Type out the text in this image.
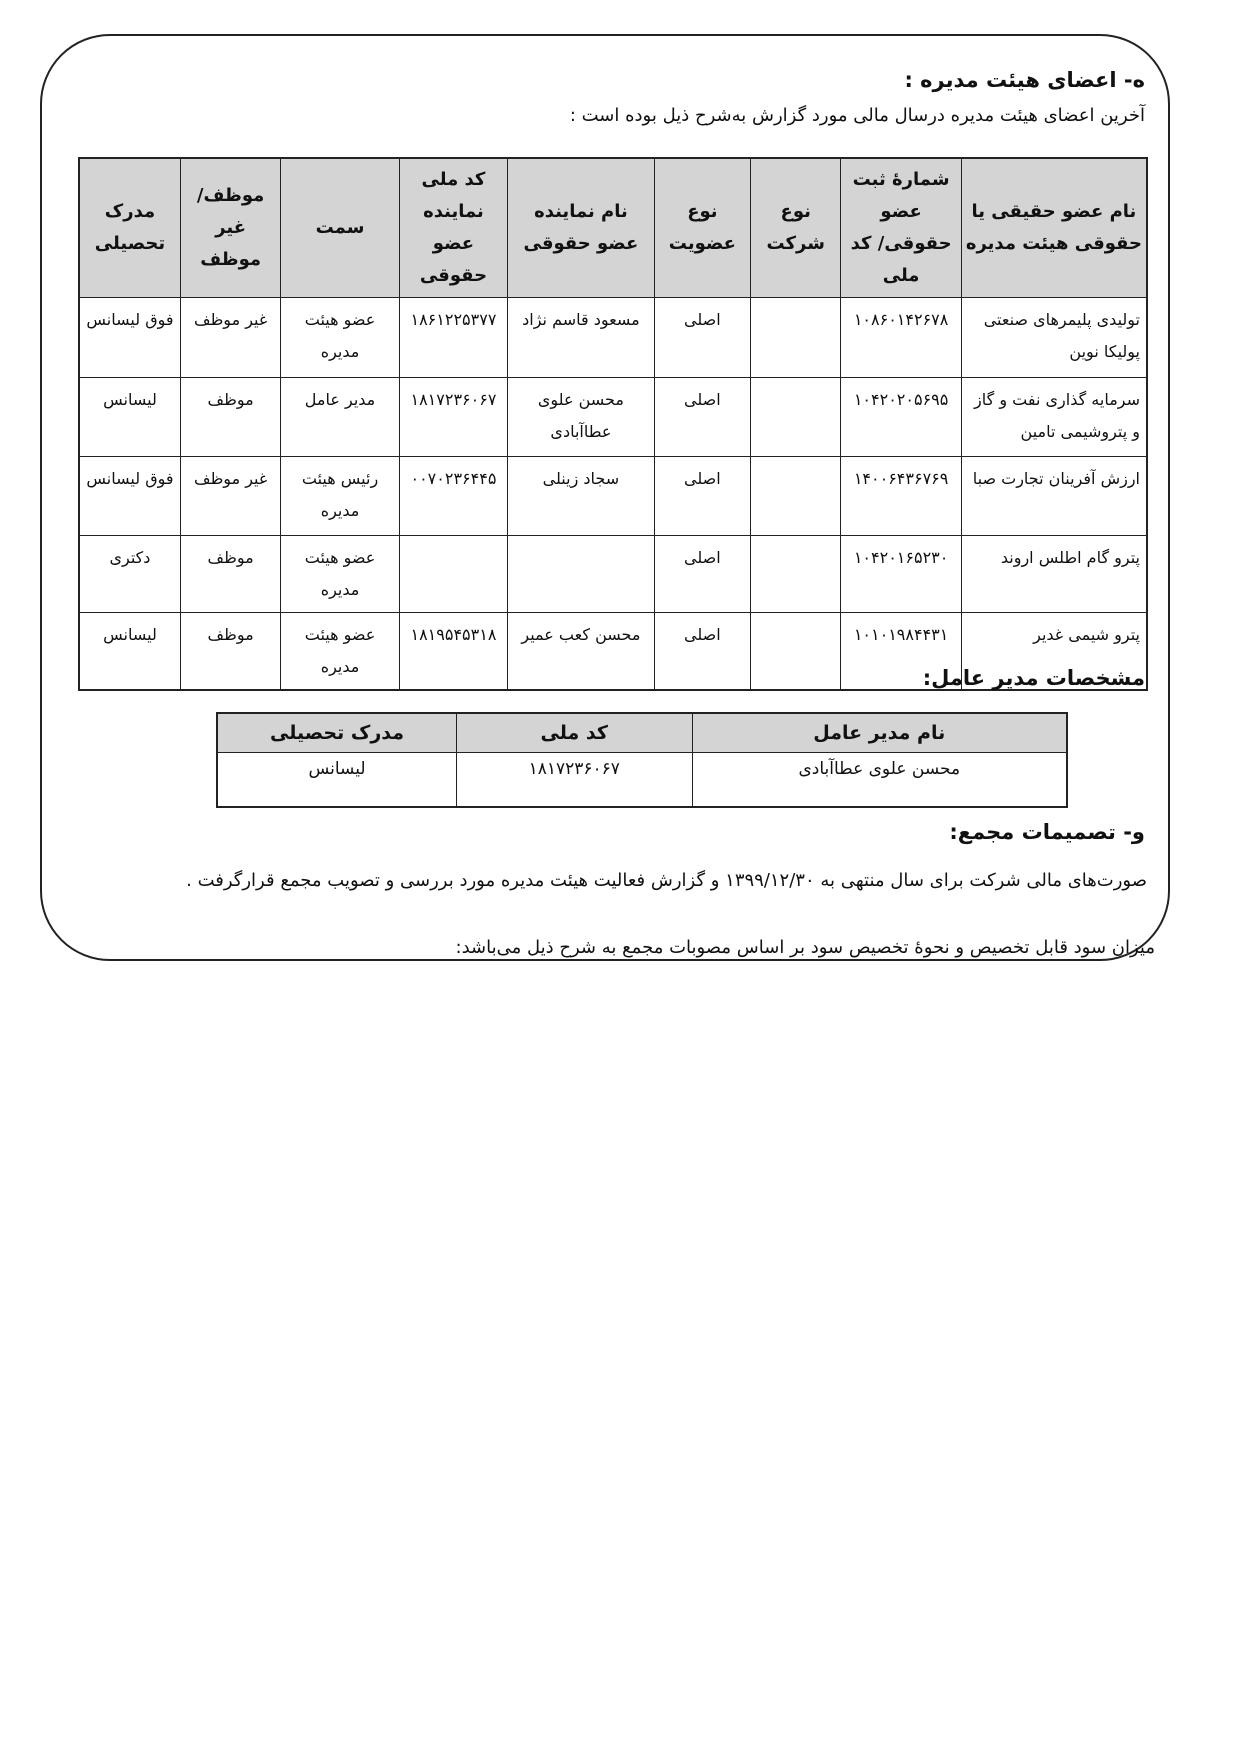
ه- اعضای هیئت مدیره :
آخرین اعضای هیئت مدیره درسال مالی مورد گزارش به‌شرح ذیل بوده است :
نام عضو حقیقی یا حقوقی هیئت مدیره	شمارهٔ ثبت عضو حقوقی/ کد ملی	نوع شرکت	نوع عضویت	نام نماینده عضو حقوقی	کد ملی نماینده عضو حقوقی	سمت	موظف/غیر موظف	مدرک تحصیلی
تولیدی پلیمرهای صنعتی پولیکا نوین	۱۰۸۶۰۱۴۲۶۷۸		اصلی	مسعود قاسم نژاد	۱۸۶۱۲۲۵۳۷۷	عضو هیئت مدیره	غیر موظف	فوق لیسانس
سرمایه گذاری نفت و گاز و پتروشیمی تامین	۱۰۴۲۰۲۰۵۶۹۵		اصلی	محسن علوی عطاآبادی	۱۸۱۷۲۳۶۰۶۷	مدیر عامل	موظف	لیسانس
ارزش آفرینان تجارت صبا	۱۴۰۰۶۴۳۶۷۶۹		اصلی	سجاد زینلی	۰۰۷۰۲۳۶۴۴۵	رئیس هیئت مدیره	غیر موظف	فوق لیسانس
پترو گام اطلس اروند	۱۰۴۲۰۱۶۵۲۳۰		اصلی			عضو هیئت مدیره	موظف	دکتری
پترو شیمی غدیر	۱۰۱۰۱۹۸۴۴۳۱		اصلی	محسن کعب عمیر	۱۸۱۹۵۴۵۳۱۸	عضو هیئت مدیره	موظف	لیسانس
مشخصات مدیر عامل:
نام مدیر عامل	کد ملی	مدرک تحصیلی
محسن علوی عطاآبادی	۱۸۱۷۲۳۶۰۶۷	لیسانس
و- تصمیمات مجمع:
صورت‌های مالی شرکت برای سال منتهی به ۱۳۹۹/۱۲/۳۰ و گزارش فعالیت هیئت مدیره مورد بررسی و تصویب مجمع قرارگرفت .
میزان سود قابل تخصیص و نحوهٔ تخصیص سود بر اساس مصوبات مجمع به شرح ذیل می‌باشد:
